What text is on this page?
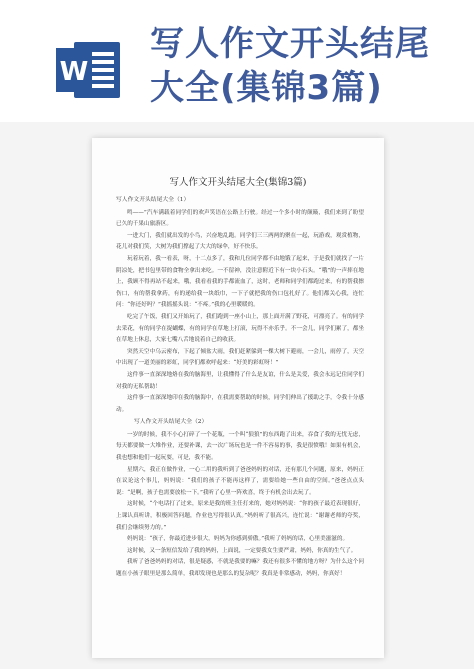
W
写人作文开头结尾
大全(集锦3篇)
写人作文开头结尾大全(集锦3篇)

写人作文开头结尾大全（1）

鸣——”汽车满载着同学们的欢声笑语在公路上行驶。经过一个多小时的颠簸，我们来到了盼望已久的千果山旅游区。

一进大门，我们就出发的小鸟，兴奋地乱跑。同学们三三两两的聚在一起，玩游戏，观赏植物，花儿对我们笑，大树为我们撑起了大大的绿伞，好不快乐。

玩着玩着，我一看表，呀，十二点多了，我和几位同学都不由地饿了起来，于是我们就找了一片阴凉处，把书包里带的食物全拿出来吃。一不留神，没注意附近下有一块小石头。“哦”的一声摔在地上，我顾不得再站不起来，哦，我看看我的手都流血了，这时，老师和同学们都跑过来，有的帮我擦伤口，有的帮我拿药，有的递给我一块纸巾，一下子就把我的伤口包扎好了。他们都关心我，连忙问：“你还好吗？”我摇摇头说：“不疼。”我的心里暖暖的。

吃完了午饭，我们又开始玩了，我们跑到一座小山上，那上面开满了野花，可漂亮了。有的同学去采花，有的同学在捉蝴蝶，有的同学在草地上打滚，玩得不亦乐乎。不一会儿，同学们累了，都坐在草地上休息，大家七嘴八舌地说着自己的收获。

突然天空中乌云密布，下起了倾盆大雨，我们赶紧躲到一棵大树下避雨，一会儿，雨停了，天空中出现了一道美丽的彩虹，同学们都欢呼起来：“好美的彩虹呀！”

这件事一直深深地烙在我的脑海里，让我懂得了什么是友谊，什么是关爱，我会永远记住同学们对我的无私帮助！

这件事一直深深地印在我的脑海中，在我需要帮助的时候，同学们伸出了援助之手，令我十分感动。

写人作文开头结尾大全（2）

一岁的时候，我不小心打碎了一个花瓶，一个叫“狼狼”的东西跑了出来，吞食了我的无忧无虑，每天都要做一大堆作业，还要补课，去一次广场玩也是一件不容易的事，我是很愤哦！如果有机会，我也想和他们一起玩耍，可是，我不能。

星期六，我正在做作业，一心二用的我听到了爸爸妈妈的对话，还有那几个问题，原来，妈妈正在议论这个事儿，妈妈说：“我们的孩子不能再这样了，需要给她一些自由的空间。”爸爸点点头说：“是啊，孩子也需要放松一下。”我听了心里一阵欢喜，终于有机会出去玩了。

这时候，“个电话打了过来，原来是我的班主任打来的，她对妈妈说：“你的孩子最近表现很好，上课认真听讲，积极回答问题，作业也写得很认真。”妈妈听了很高兴，连忙说：“谢谢老师的夸奖，我们会继续努力的。”

妈妈说：“孩子，你最近进步很大，妈妈为你感到骄傲。”我听了妈妈的话，心里美滋滋的。

这时候，又一条短信发给了我的妈妈，上面说，一定要我女生要严肃，妈妈，你真的生气了。

我听了爸爸妈妈的对话，很是疑惑，不就是我要的嘛？我还有很多不懂的地方呀？为什么这个问题在小孩子眼里是那么简单，我却发现也是那么的复杂呢？我真是非常感动，妈妈，你真好！
